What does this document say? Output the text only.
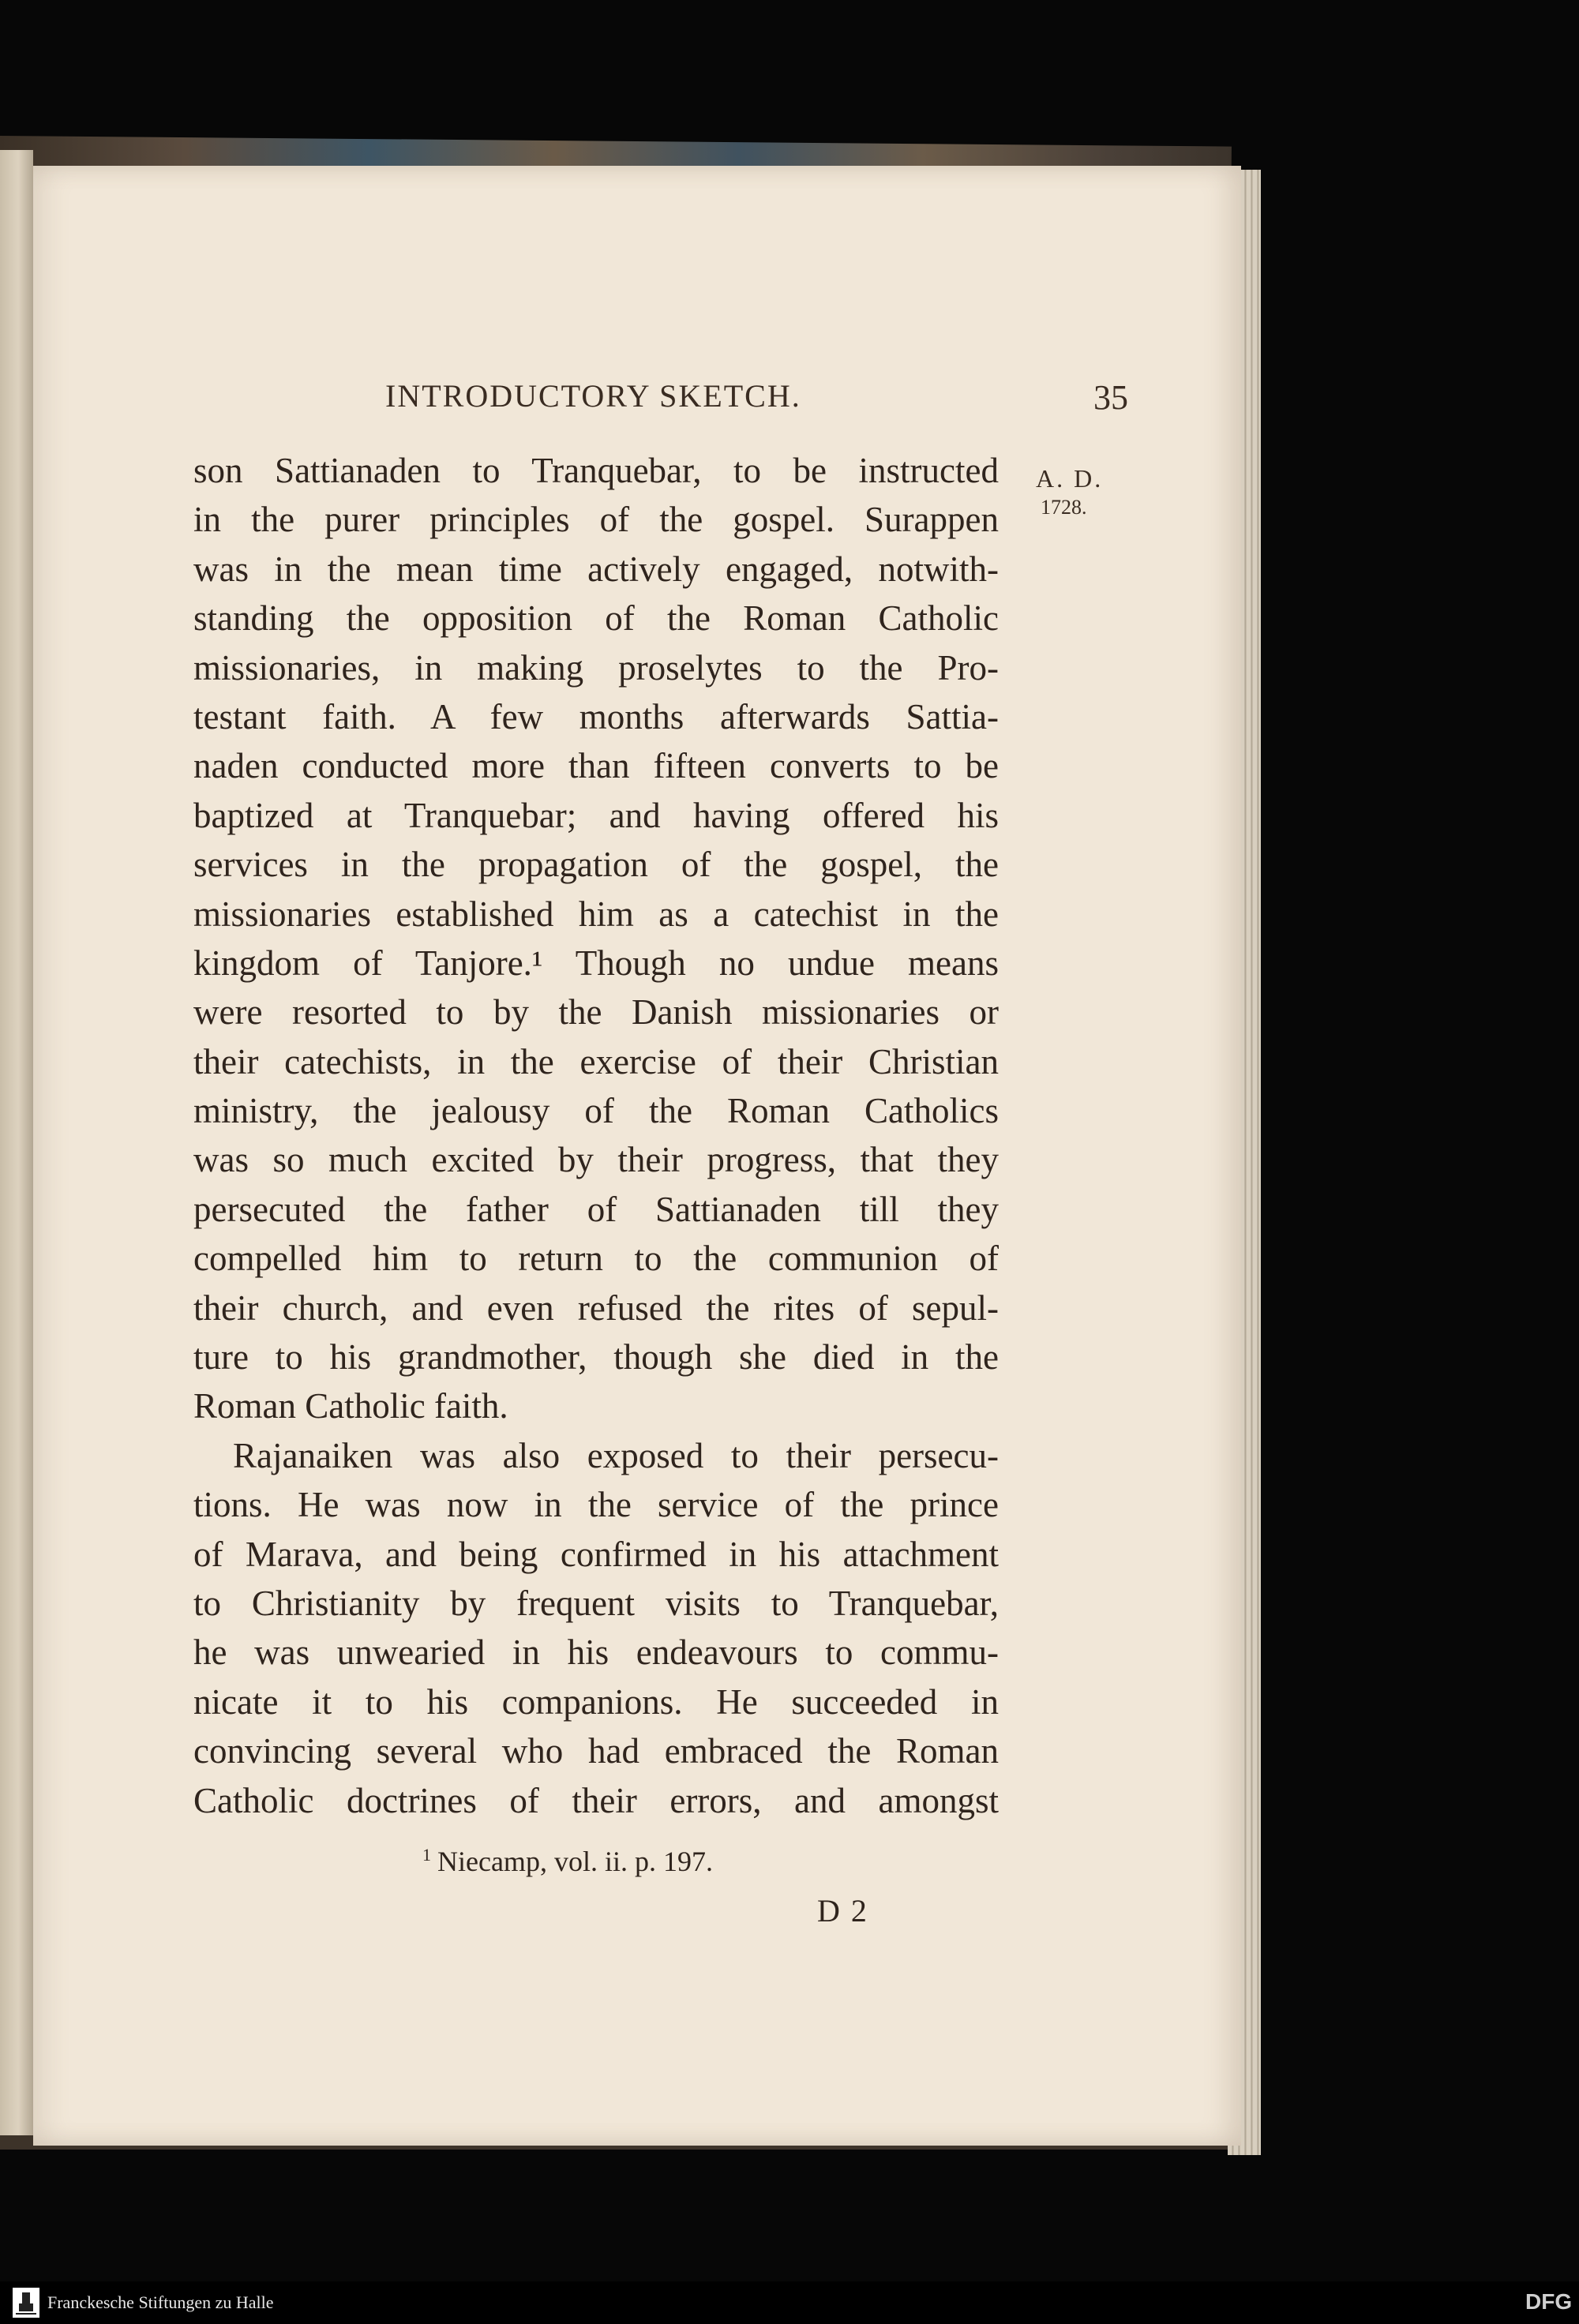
INTRODUCTORY SKETCH.	35
A. D.
1728.
son Sattianaden to Tranquebar, to be instructed
in the purer principles of the gospel. Surappen
was in the mean time actively engaged, notwith-
standing the opposition of the Roman Catholic
missionaries, in making proselytes to the Pro-
testant faith. A few months afterwards Sattia-
naden conducted more than fifteen converts to be
baptized at Tranquebar; and having offered his
services in the propagation of the gospel, the
missionaries established him as a catechist in the
kingdom of Tanjore.¹ Though no undue means
were resorted to by the Danish missionaries or
their catechists, in the exercise of their Christian
ministry, the jealousy of the Roman Catholics
was so much excited by their progress, that they
persecuted the father of Sattianaden till they
compelled him to return to the communion of
their church, and even refused the rites of sepul-
ture to his grandmother, though she died in the
Roman Catholic faith.
Rajanaiken was also exposed to their persecu-
tions. He was now in the service of the prince
of Marava, and being confirmed in his attachment
to Christianity by frequent visits to Tranquebar,
he was unwearied in his endeavours to commu-
nicate it to his companions. He succeeded in
convincing several who had embraced the Roman
Catholic doctrines of their errors, and amongst
$^1$ Niecamp, vol. ii. p. 197.
D 2
Franckesche Stiftungen zu Halle	DFG
